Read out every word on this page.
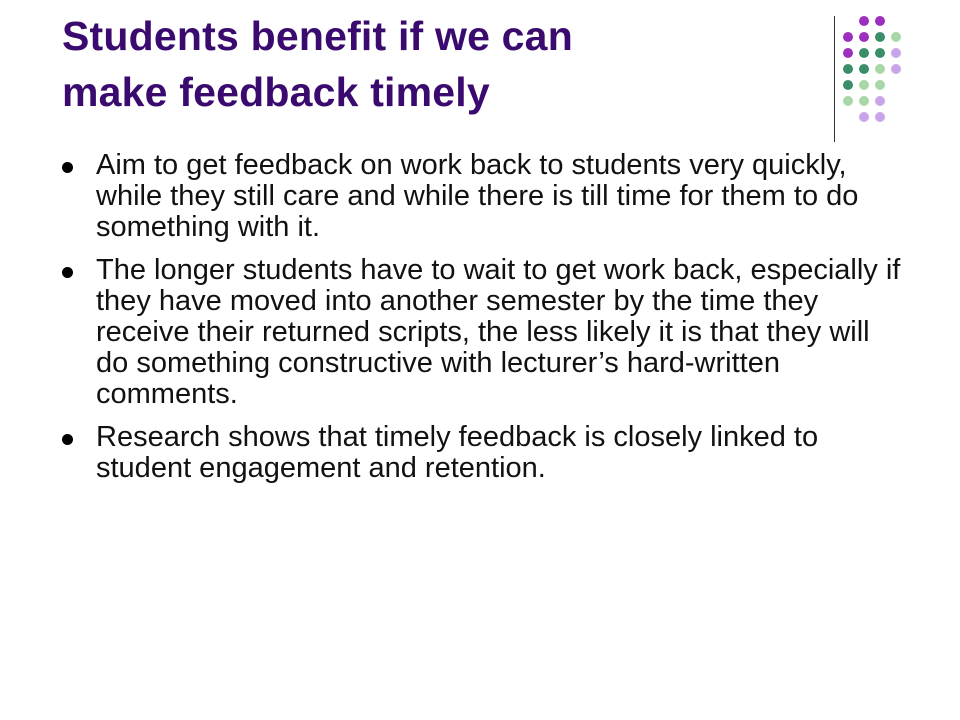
Students benefit if we can
make feedback timely
Aim to get feedback on work back to students very quickly, while they still care and while there is till time for them to do something with it.
The longer students have to wait to get work back, especially if they have moved into another semester by the time they receive their returned scripts, the less likely it is that they will do something constructive with lecturer’s hard-written comments.
Research shows that timely feedback is closely linked to student engagement and retention.
